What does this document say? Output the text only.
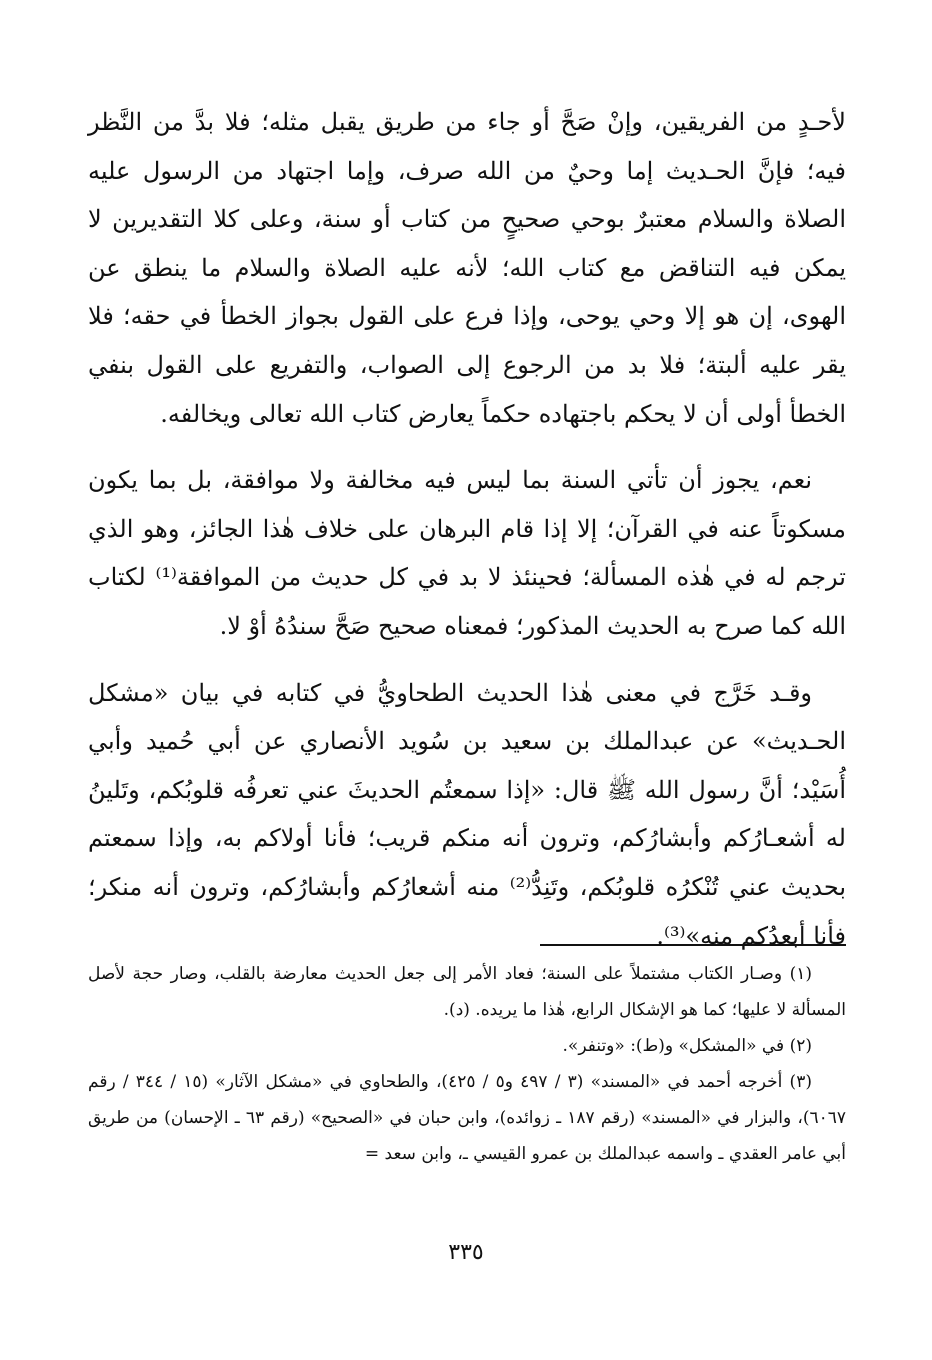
لأحـدٍ من الفريقين، وإنْ صَحَّ أو جاء من طريق يقبل مثله؛ فلا بدَّ من النَّظر فيه؛ فإنَّ الحـديث إما وحيٌ من الله صرف، وإما اجتهاد من الرسول عليه الصلاة والسلام معتبرٌ بوحي صحيحٍ من كتاب أو سنة، وعلى كلا التقديرين لا يمكن فيه التناقض مع كتاب الله؛ لأنه عليه الصلاة والسلام ما ينطق عن الهوى، إن هو إلا وحي يوحى، وإذا فرع على القول بجواز الخطأ في حقه؛ فلا يقر عليه ألبتة؛ فلا بد من الرجوع إلى الصواب، والتفريع على القول بنفي الخطأ أولى أن لا يحكم باجتهاده حكماً يعارض كتاب الله تعالى ويخالفه.

نعم، يجوز أن تأتي السنة بما ليس فيه مخالفة ولا موافقة، بل بما يكون مسكوتاً عنه في القرآن؛ إلا إذا قام البرهان على خلاف هٰذا الجائز، وهو الذي ترجم له في هٰذه المسألة؛ فحينئذ لا بد في كل حديث من الموافقة⁽¹⁾ لكتاب الله كما صرح به الحديث المذكور؛ فمعناه صحيح صَحَّ سندُهُ أوْ لا.

وقـد خَرَّج في معنى هٰذا الحديث الطحاويُّ في كتابه في بيان «مشكل الحـديث» عن عبدالملك بن سعيد بن سُويد الأنصاري عن أبي حُميد وأبي أُسَيْد؛ أنَّ رسول الله ﷺ قال: «إذا سمعتُم الحديثَ عني تعرفُه قلوبُكم، وتَلينُ له أشعـارُكم وأبشارُكم، وترون أنه منكم قريب؛ فأنا أولاكم به، وإذا سمعتم بحديث عني تُنْكرُه قلوبُكم، وتَنِدُّ⁽²⁾ منه أشعارُكم وأبشارُكم، وترون أنه منكر؛ فأنا أبعدُكم منه»⁽³⁾.

(١) وصـار الكتاب مشتملاً على السنة؛ فعاد الأمر إلى جعل الحديث معارضة بالقلب، وصار حجة لأصل المسألة لا عليها؛ كما هو الإشكال الرابع، هٰذا ما يريده. (د).

(٢) في «المشكل» و(ط): «وتنفر».

(٣) أخرجه أحمد في «المسند» (٣ / ٤٩٧ و٥ / ٤٢٥)، والطحاوي في «مشكل الآثار» (١٥ / ٣٤٤ / رقم ٦٠٦٧)، والبزار في «المسند» (رقم ١٨٧ ـ زوائده)، وابن حبان في «الصحيح» (رقم ٦٣ ـ الإحسان) من طريق أبي عامر العقدي ـ واسمه عبدالملك بن عمرو القيسي ـ، وابن سعد =

٣٣٥
